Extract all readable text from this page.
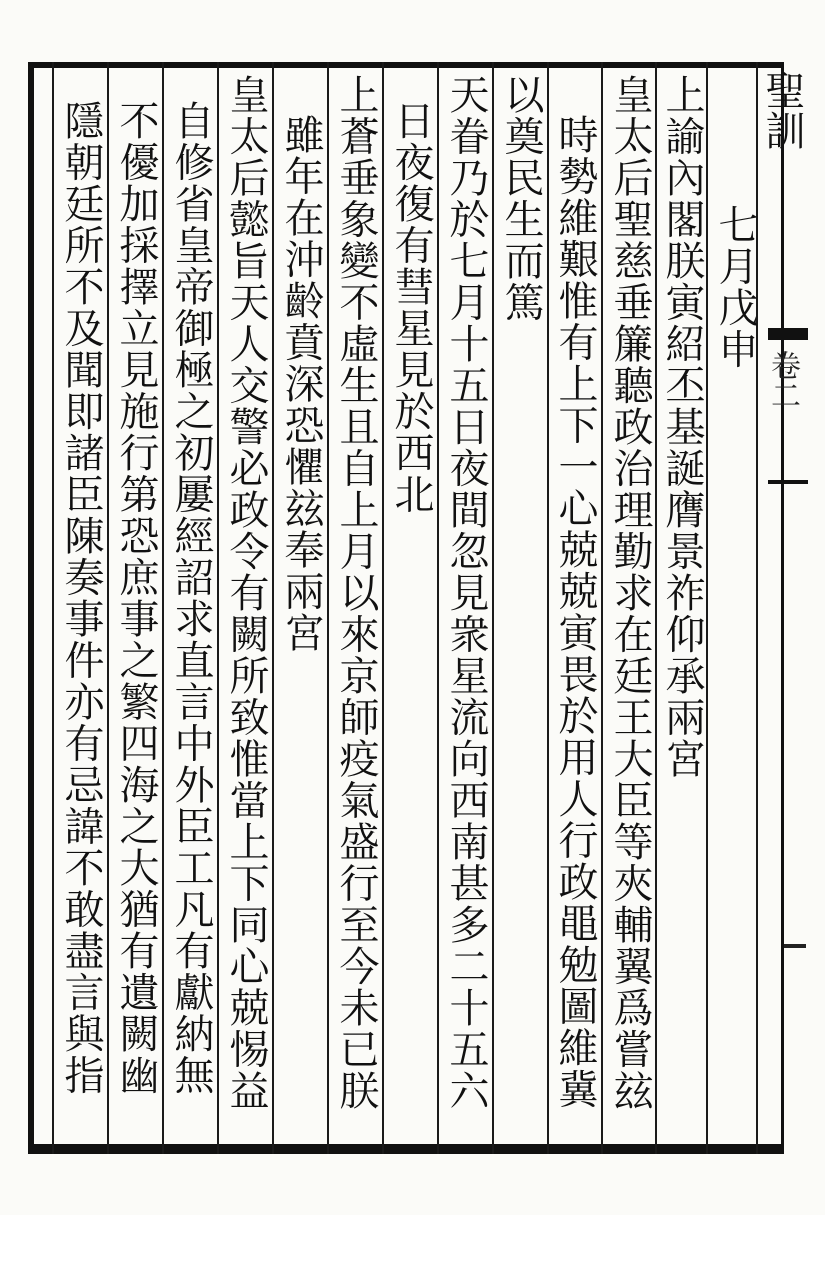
聖訓
卷二
上諭內閣朕寅紹丕基誕膺景祚仰承兩宮 七月戊申
皇太后聖慈垂簾聽政治理勤求在廷王大臣等夾輔翼爲嘗玆
時勢維艱惟有上下一心兢兢寅畏於用人行政黽勉圖維冀
以奠民生而篤
天眷乃於七月十五日夜間忽見衆星流向西南甚多二十五六
日夜復有彗星見於西北
上蒼垂象變不虛生且自上月以來京師疫氣盛行至今未已朕
雖年在沖齡賁深恐懼玆奉兩宮
皇太后懿旨天人交警必政令有闕所致惟當上下同心兢惕益
自修省皇帝御極之初屢經詔求直言中外臣工凡有獻納無
不優加採擇立見施行第恐庶事之繁四海之大猶有遺闕幽
隱朝廷所不及聞即諸臣陳奏事件亦有忌諱不敢盡言與指
